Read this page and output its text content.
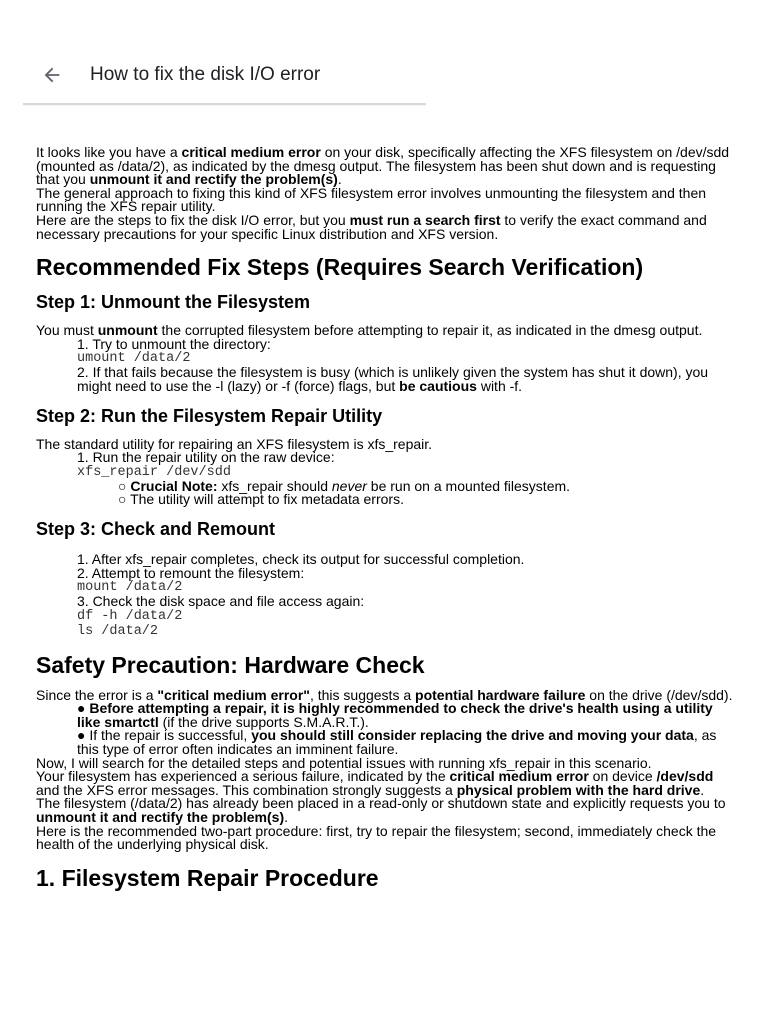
How to fix the disk I/O error

It looks like you have a critical medium error on your disk, specifically affecting the XFS filesystem on /dev/sdd (mounted as /data/2), as indicated by the dmesg output. The filesystem has been shut down and is requesting that you unmount it and rectify the problem(s).

The general approach to fixing this kind of XFS filesystem error involves unmounting the filesystem and then running the XFS repair utility.

Here are the steps to fix the disk I/O error, but you must run a search first to verify the exact command and necessary precautions for your specific Linux distribution and XFS version.

Recommended Fix Steps (Requires Search Verification)
Step 1: Unmount the Filesystem

You must unmount the corrupted filesystem before attempting to repair it, as indicated in the dmesg output.

1. Try to unmount the directory:

umount /data/2

2. If that fails because the filesystem is busy (which is unlikely given the system has shut it down), you might need to use the -l (lazy) or -f (force) flags, but be cautious with -f.

Step 2: Run the Filesystem Repair Utility

The standard utility for repairing an XFS filesystem is xfs_repair.

1. Run the repair utility on the raw device:

xfs_repair /dev/sdd

○ Crucial Note: xfs_repair should never be run on a mounted filesystem.

○ The utility will attempt to fix metadata errors.

Step 3: Check and Remount

1. After xfs_repair completes, check its output for successful completion.

2. Attempt to remount the filesystem:

mount /data/2

3. Check the disk space and file access again:

df -h /data/2

ls /data/2

Safety Precaution: Hardware Check

Since the error is a "critical medium error", this suggests a potential hardware failure on the drive (/dev/sdd).

● Before attempting a repair, it is highly recommended to check the drive's health using a utility like smartctl (if the drive supports S.M.A.R.T.).

● If the repair is successful, you should still consider replacing the drive and moving your data, as this type of error often indicates an imminent failure.

Now, I will search for the detailed steps and potential issues with running xfs_repair in this scenario.

Your filesystem has experienced a serious failure, indicated by the critical medium error on device /dev/sdd and the XFS error messages. This combination strongly suggests a physical problem with the hard drive.

The filesystem (/data/2) has already been placed in a read-only or shutdown state and explicitly requests you to unmount it and rectify the problem(s).

Here is the recommended two-part procedure: first, try to repair the filesystem; second, immediately check the health of the underlying physical disk.

1. Filesystem Repair Procedure
